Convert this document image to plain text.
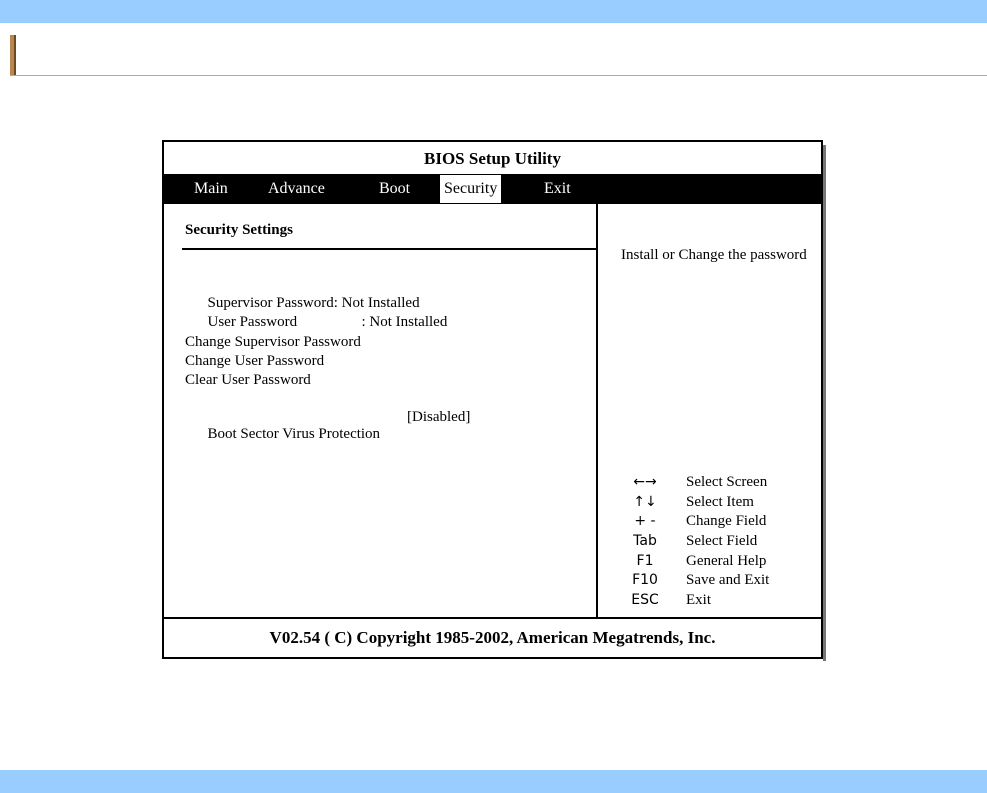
BIOS Setup Utility
Main	Advance	Boot	Security	Exit
Security Settings

Supervisor Password: Not Installed

User Password	: Not Installed

Change Supervisor Password
Change User Password
Clear User Password

Boot Sector Virus Protection

[Disabled]

Install or Change the password
←→	Select Screen
↑↓	Select Item
+ -	Change Field
Tab	Select Field
F1	General Help
F10	Save and Exit
ESC	Exit
V02.54 ( C) Copyright 1985-2002, American Megatrends, Inc.
